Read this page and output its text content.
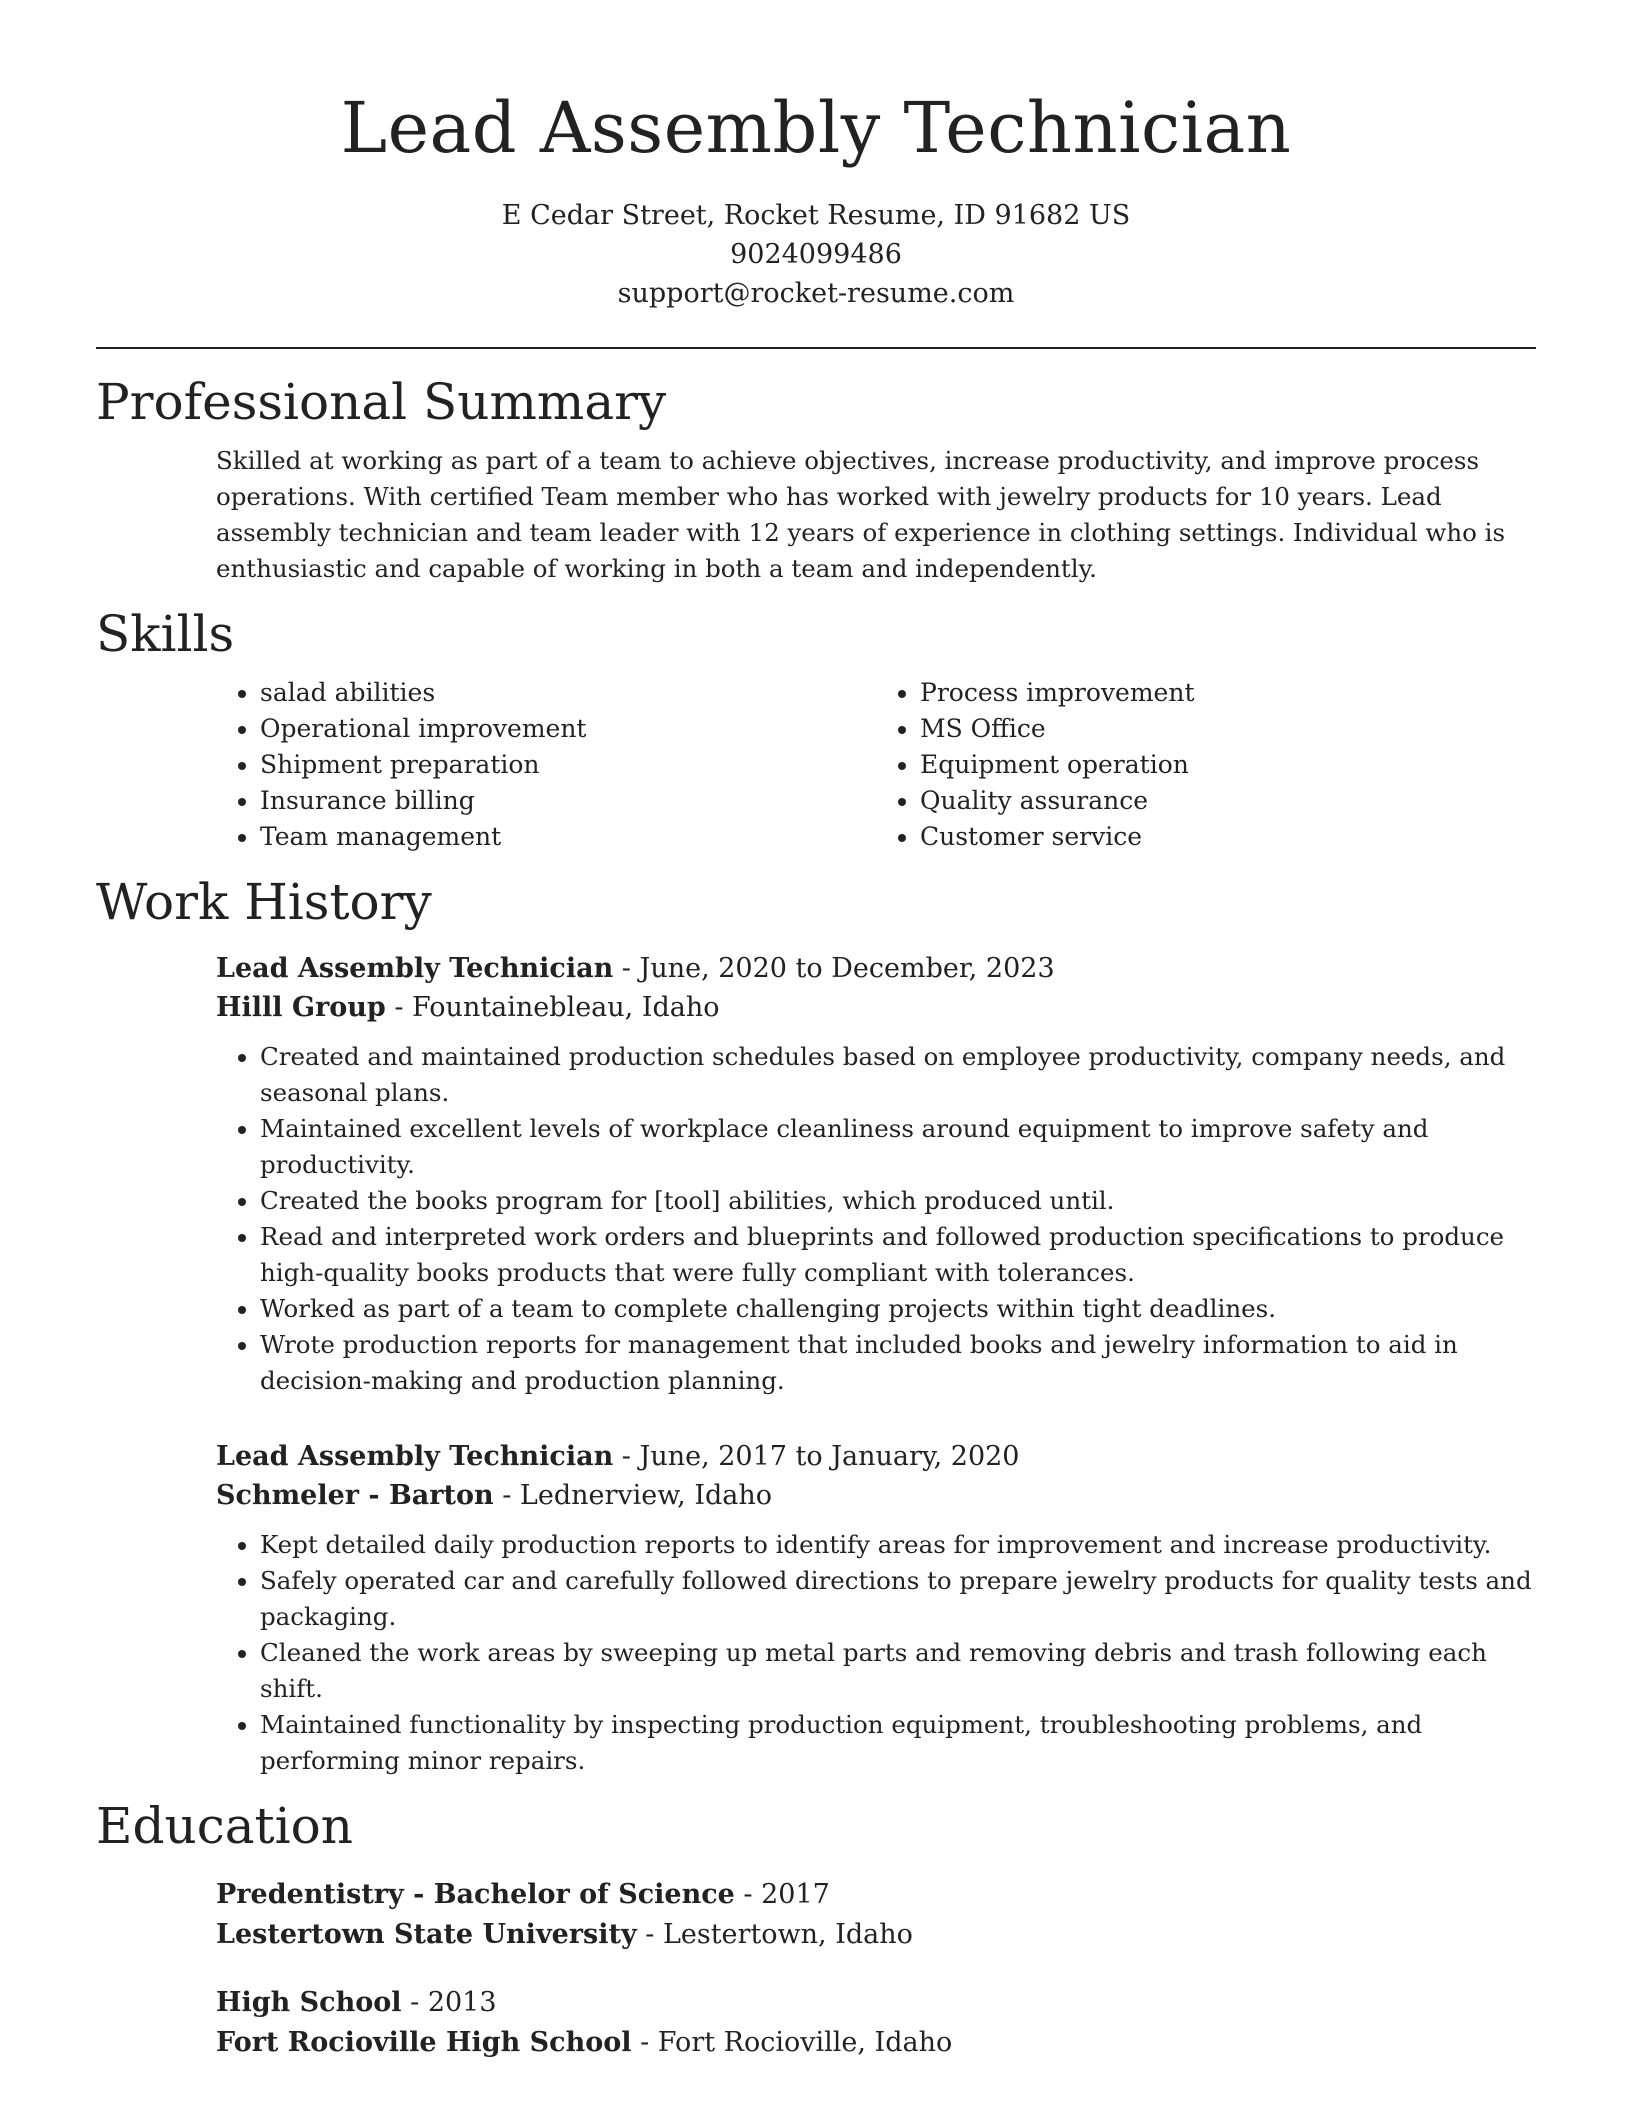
Lead Assembly Technician
E Cedar Street, Rocket Resume, ID 91682 US
9024099486
support@rocket-resume.com
Professional Summary

Skilled at working as part of a team to achieve objectives, increase productivity, and improve process operations. With certified Team member who has worked with jewelry products for 10 years. Lead assembly technician and team leader with 12 years of experience in clothing settings. Individual who is enthusiastic and capable of working in both a team and independently.

Skills
• salad abilities
• Operational improvement
• Shipment preparation
• Insurance billing
• Team management
• Process improvement
• MS Office
• Equipment operation
• Quality assurance
• Customer service
Work History

Lead Assembly Technician - June, 2020 to December, 2023

Hilll Group - Fountainebleau, Idaho

• Created and maintained production schedules based on employee productivity, company needs, and seasonal plans.
• Maintained excellent levels of workplace cleanliness around equipment to improve safety and productivity.
• Created the books program for [tool] abilities, which produced until.
• Read and interpreted work orders and blueprints and followed production specifications to produce high-quality books products that were fully compliant with tolerances.
• Worked as part of a team to complete challenging projects within tight deadlines.
• Wrote production reports for management that included books and jewelry information to aid in decision-making and production planning.

Lead Assembly Technician - June, 2017 to January, 2020

Schmeler - Barton - Lednerview, Idaho

• Kept detailed daily production reports to identify areas for improvement and increase productivity.
• Safely operated car and carefully followed directions to prepare jewelry products for quality tests and packaging.
• Cleaned the work areas by sweeping up metal parts and removing debris and trash following each shift.
• Maintained functionality by inspecting production equipment, troubleshooting problems, and performing minor repairs.
Education

Predentistry - Bachelor of Science - 2017

Lestertown State University - Lestertown, Idaho

High School - 2013

Fort Rocioville High School - Fort Rocioville, Idaho
